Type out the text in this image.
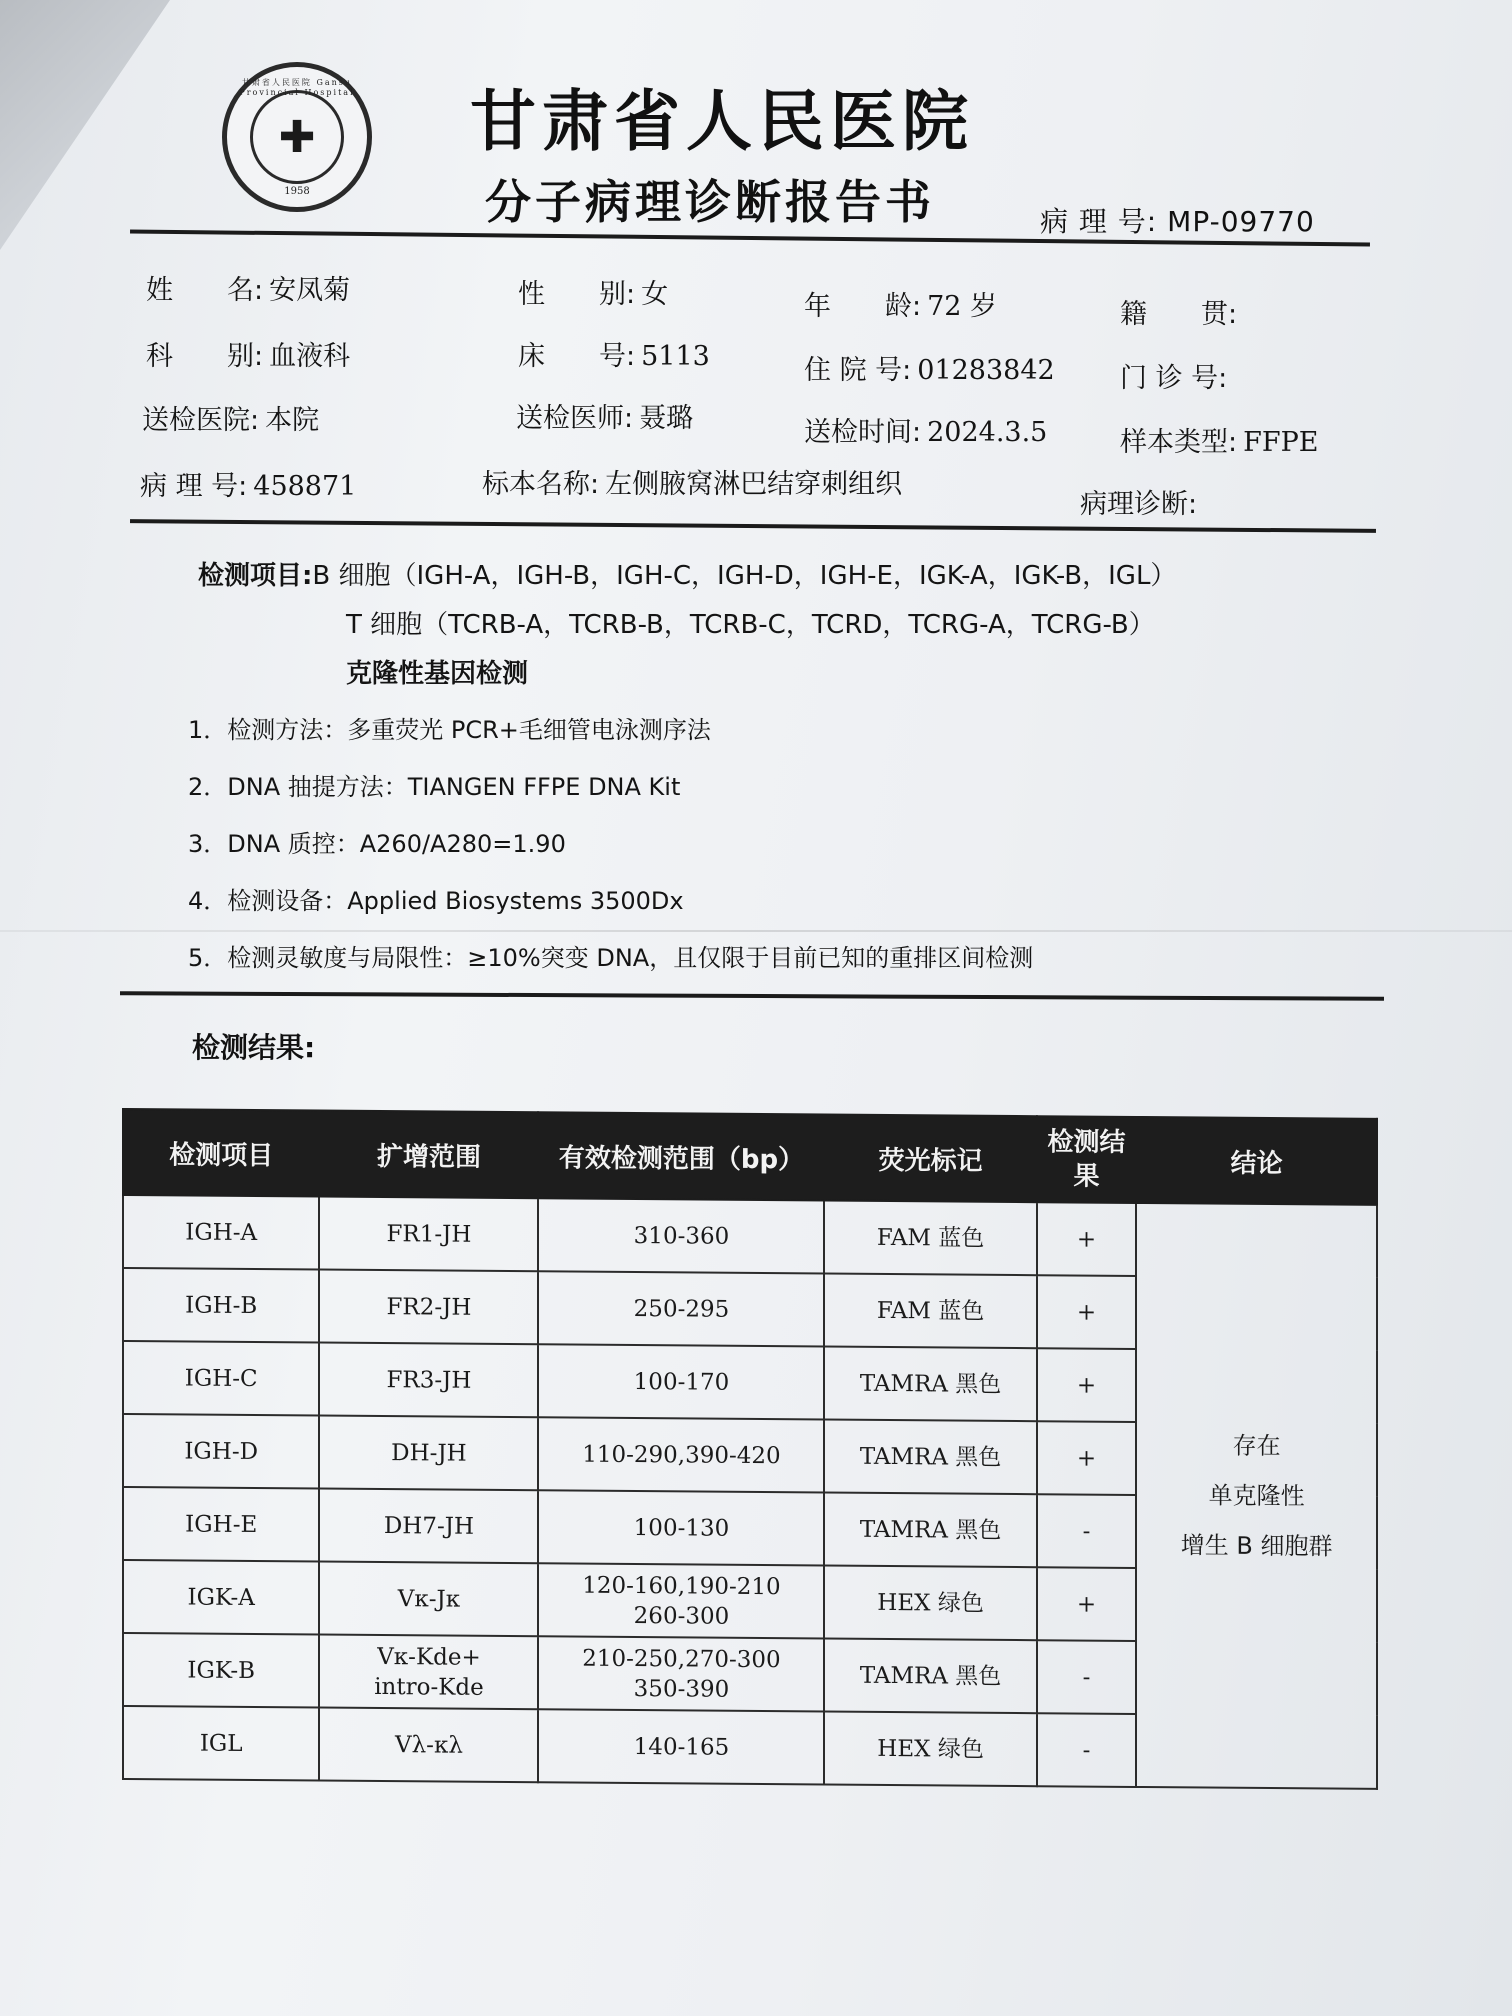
甘肃省人民医院 Gansu Provincial Hospital
✚
1958
甘肃省人民医院
分子病理诊断报告书	病 理 号: MP-09770
姓　　名: 安凤菊	性　　别: 女	年　　龄: 72 岁	籍　　贯:
科　　别: 血液科	床　　号: 5113	住 院 号: 01283842 门 诊 号:
送检医院: 本院	送检医师: 聂璐	送检时间: 2024.3.5	样本类型: FFPE
病 理 号: 458871	标本名称: 左侧腋窝淋巴结穿刺组织
病理诊断:
检测项目:B 细胞（IGH-A，IGH-B，IGH-C，IGH-D，IGH-E，IGK-A，IGK-B，IGL）
T 细胞（TCRB-A，TCRB-B，TCRB-C，TCRD，TCRG-A，TCRG-B）
克隆性基因检测
1．检测方法：多重荧光 PCR+毛细管电泳测序法
2．DNA 抽提方法：TIANGEN FFPE DNA Kit
3．DNA 质控：A260/A280=1.90
4．检测设备：Applied Biosystems 3500Dx
5．检测灵敏度与局限性：≥10%突变 DNA，且仅限于目前已知的重排区间检测
检测结果:
检测项目	扩增范围	有效检测范围（bp）	荧光标记	检测结果	结论
IGH-A	FR1-JH	310-360	FAM 蓝色	+	存在
单克隆性
增生 B 细胞群

IGH-B	FR2-JH	250-295	FAM 蓝色	+	
IGH-C	FR3-JH	100-170	TAMRA 黑色	+	
IGH-D	DH-JH	110-290,390-420	TAMRA 黑色	+	
IGH-E	DH7-JH	100-130	TAMRA 黑色	-	
IGK-A	Vκ-Jκ	120-160,190-210
260-300	HEX 绿色	+	
IGK-B	Vκ-Kde+
intro-Kde	210-250,270-300
350-390	TAMRA 黑色	-	
IGL	Vλ-κλ	140-165	HEX 绿色	-	
